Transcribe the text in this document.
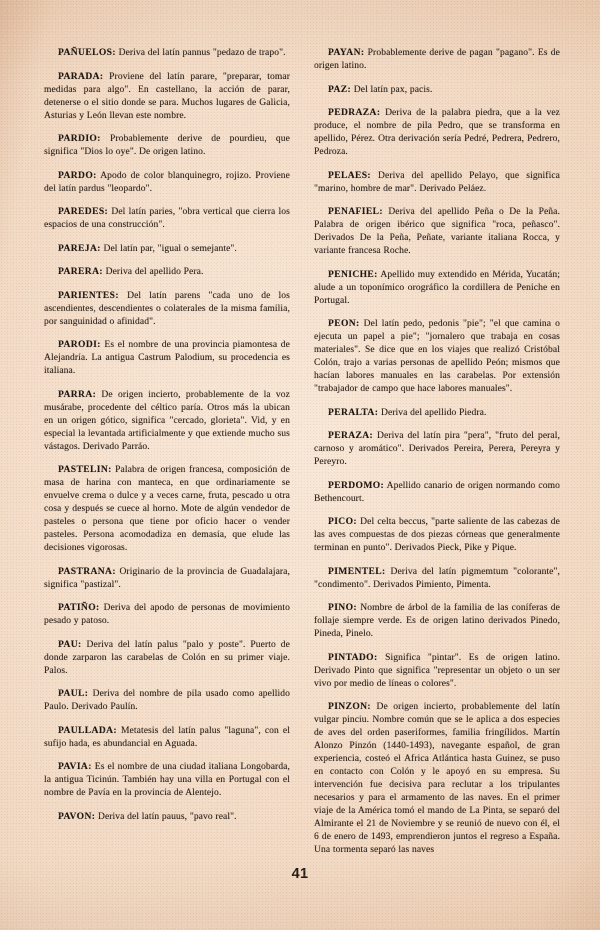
PAÑUELOS: Deriva del latín pannus "pedazo de trapo".

PARADA: Proviene del latín parare, "preparar, tomar medidas para algo". En castellano, la acción de parar, detenerse o el sitio donde se para. Muchos lugares de Galicia, Asturias y León llevan este nombre.

PARDIO: Probablemente derive de pourdieu, que significa "Dios lo oye". De origen latino.

PARDO: Apodo de color blanquinegro, rojizo. Proviene del latín pardus "leopardo".

PAREDES: Del latín paries, "obra vertical que cierra los espacios de una construcción".

PAREJA: Del latín par, "igual o semejante".

PARERA: Deriva del apellido Pera.

PARIENTES: Del latín parens "cada uno de los ascendientes, descendientes o colaterales de la misma familia, por sanguinidad o afinidad".

PARODI: Es el nombre de una provincia piamontesa de Alejandría. La antigua Castrum Palodium, su procedencia es italiana.

PARRA: De origen incierto, probablemente de la voz musárabe, procedente del céltico paría. Otros más la ubican en un origen gótico, significa "cercado, glorieta". Vid, y en especial la levantada artificialmente y que extiende mucho sus vástagos. Derivado Parráo.

PASTELIN: Palabra de origen francesa, composición de masa de harina con manteca, en que ordinariamente se envuelve crema o dulce y a veces carne, fruta, pescado u otra cosa y después se cuece al horno. Mote de algún vendedor de pasteles o persona que tiene por oficio hacer o vender pasteles. Persona acomodadiza en demasía, que elude las decisiones vigorosas.

PASTRANA: Originario de la provincia de Guadalajara, significa "pastizal".

PATIÑO: Deriva del apodo de personas de movimiento pesado y patoso.

PAU: Deriva del latín palus "palo y poste". Puerto de donde zarparon las carabelas de Colón en su primer viaje. Palos.

PAUL: Deriva del nombre de pila usado como apellido Paulo. Derivado Paulín.

PAULLADA: Metatesis del latín palus "laguna", con el sufijo hada, es abundancial en Aguada.

PAVIA: Es el nombre de una ciudad italiana Longobarda, la antigua Ticinún. También hay una villa en Portugal con el nombre de Pavía en la provincia de Alentejo.

PAVON: Deriva del latín pauus, "pavo real".

PAYAN: Probablemente derive de pagan "pagano". Es de origen latino.

PAZ: Del latín pax, pacis.

PEDRAZA: Deriva de la palabra piedra, que a la vez produce, el nombre de pila Pedro, que se transforma en apellido, Pérez. Otra derivación sería Pedré, Pedrera, Pedrero, Pedroza.

PELAES: Deriva del apellido Pelayo, que significa "marino, hombre de mar". Derivado Peláez.

PENAFIEL: Deriva del apellido Peña o De la Peña. Palabra de origen ibérico que significa "roca, peñasco". Derivados De la Peña, Peñate, variante italiana Rocca, y variante francesa Roche.

PENICHE: Apellido muy extendido en Mérida, Yucatán; alude a un toponímico orográfico la cordillera de Peniche en Portugal.

PEON: Del latín pedo, pedonis "pie"; "el que camina o ejecuta un papel a pie"; "jornalero que trabaja en cosas materiales". Se dice que en los viajes que realizó Cristóbal Colón, trajo a varias personas de apellido Peón; mismos que hacían labores manuales en las carabelas. Por extensión "trabajador de campo que hace labores manuales".

PERALTA: Deriva del apellido Piedra.

PERAZA: Deriva del latín pira "pera", "fruto del peral, carnoso y aromático". Derivados Pereira, Perera, Pereyra y Pereyro.

PERDOMO: Apellido canario de origen normando como Bethencourt.

PICO: Del celta beccus, "parte saliente de las cabezas de las aves compuestas de dos piezas córneas que generalmente terminan en punto". Derivados Pieck, Pike y Pique.

PIMENTEL: Deriva del latín pigmemtum "colorante", "condimento". Derivados Pimiento, Pimenta.

PINO: Nombre de árbol de la familia de las coníferas de follaje siempre verde. Es de origen latino derivados Pinedo, Pineda, Pinelo.

PINTADO: Significa "pintar". Es de origen latino. Derivado Pinto que significa "representar un objeto o un ser vivo por medio de líneas o colores".

PINZON: De origen incierto, probablemente del latín vulgar pinciu. Nombre común que se le aplica a dos especies de aves del orden paseriformes, familia fringílidos. Martín Alonzo Pinzón (1440-1493), navegante español, de gran experiencia, costeó el Africa Atlántica hasta Guinez, se puso en contacto con Colón y le apoyó en su empresa. Su intervención fue decisiva para reclutar a los tripulantes necesarios y para el armamento de las naves. En el primer viaje de la América tomó el mando de La Pinta, se separó del Almirante el 21 de Noviembre y se reunió de nuevo con él, el 6 de enero de 1493, emprendieron juntos el regreso a España. Una tormenta separó las naves

41
